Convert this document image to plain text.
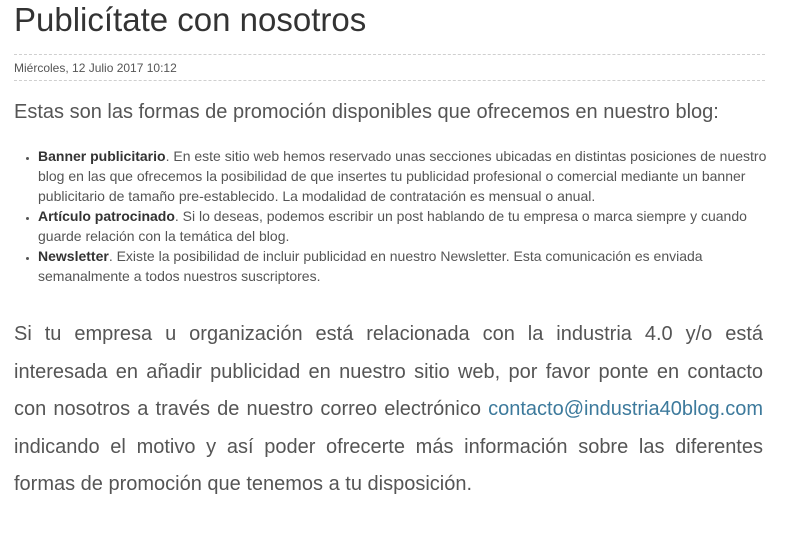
Publicítate con nosotros
Miércoles, 12 Julio 2017 10:12

Estas son las formas de promoción disponibles que ofrecemos en nuestro blog:

• Banner publicitario. En este sitio web hemos reservado unas secciones ubicadas en distintas posiciones de nuestro blog en las que ofrecemos la posibilidad de que insertes tu publicidad profesional o comercial mediante un banner publicitario de tamaño pre-establecido. La modalidad de contratación es mensual o anual.
• Artículo patrocinado. Si lo deseas, podemos escribir un post hablando de tu empresa o marca siempre y cuando guarde relación con la temática del blog.
• Newsletter. Existe la posibilidad de incluir publicidad en nuestro Newsletter. Esta comunicación es enviada semanalmente a todos nuestros suscriptores.

Si tu empresa u organización está relacionada con la industria 4.0 y/o está interesada en añadir publicidad en nuestro sitio web, por favor ponte en contacto con nosotros a través de nuestro correo electrónico contacto@industria40blog.com indicando el motivo y así poder ofrecerte más información sobre las diferentes formas de promoción que tenemos a tu disposición.
